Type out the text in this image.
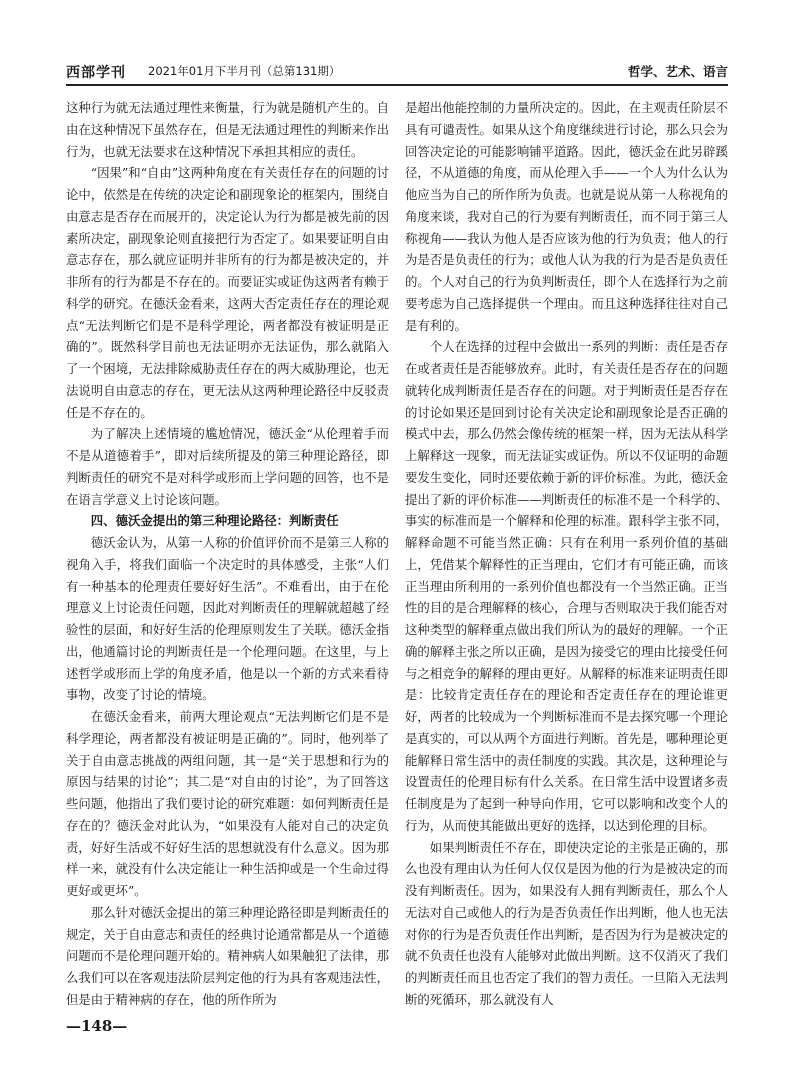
西部学刊 2021年01月下半月刊（总第131期）	哲学、艺术、语言

这种行为就无法通过理性来衡量，行为就是随机产生的。自由在这种情况下虽然存在，但是无法通过理性的判断来作出行为，也就无法要求在这种情况下承担其相应的责任。

“因果”和“自由”这两种角度在有关责任存在的问题的讨论中，依然是在传统的决定论和副现象论的框架内，围绕自由意志是否存在而展开的，决定论认为行为都是被先前的因素所决定，副现象论则直接把行为否定了。如果要证明自由意志存在，那么就应证明并非所有的行为都是被决定的，并非所有的行为都是不存在的。而要证实或证伪这两者有赖于科学的研究。在德沃金看来，这两大否定责任存在的理论观点“无法判断它们是不是科学理论，两者都没有被证明是正确的”。既然科学目前也无法证明亦无法证伪，那么就陷入了一个困境，无法排除威胁责任存在的两大威胁理论，也无法说明自由意志的存在，更无法从这两种理论路径中反驳责任是不存在的。

为了解决上述情境的尴尬情况，德沃金“从伦理着手而不是从道德着手”，即对后续所提及的第三种理论路径，即判断责任的研究不是对科学或形而上学问题的回答，也不是在语言学意义上讨论该问题。

四、德沃金提出的第三种理论路径：判断责任

德沃金认为，从第一人称的价值评价而不是第三人称的视角入手，将我们面临一个决定时的具体感受，主张“人们有一种基本的伦理责任要好好生活”。不难看出，由于在伦理意义上讨论责任问题，因此对判断责任的理解就超越了经验性的层面，和好好生活的伦理原则发生了关联。德沃金指出，他通篇讨论的判断责任是一个伦理问题。在这里，与上述哲学或形而上学的角度矛盾，他是以一个新的方式来看待事物，改变了讨论的情境。

在德沃金看来，前两大理论观点“无法判断它们是不是科学理论，两者都没有被证明是正确的”。同时，他列举了关于自由意志挑战的两组问题，其一是“关于思想和行为的原因与结果的讨论”；其二是“对自由的讨论”，为了回答这些问题，他指出了我们要讨论的研究难题：如何判断责任是存在的？德沃金对此认为，“如果没有人能对自己的决定负责，好好生活或不好好生活的思想就没有什么意义。因为那样一来，就没有什么决定能让一种生活抑或是一个生命过得更好或更坏”。

那么针对德沃金提出的第三种理论路径即是判断责任的规定，关于自由意志和责任的经典讨论通常都是从一个道德问题而不是伦理问题开始的。精神病人如果触犯了法律，那么我们可以在客观违法阶层判定他的行为具有客观违法性，但是由于精神病的存在，他的所作所为

是超出他能控制的力量所决定的。因此，在主观责任阶层不具有可谴责性。如果从这个角度继续进行讨论，那么只会为回答决定论的可能影响铺平道路。因此，德沃金在此另辟蹊径，不从道德的角度，而从伦理入手——一个人为什么认为他应当为自己的所作所为负责。也就是说从第一人称视角的角度来谈，我对自己的行为要有判断责任，而不同于第三人称视角——我认为他人是否应该为他的行为负责；他人的行为是否是负责任的行为；或他人认为我的行为是否是负责任的。个人对自己的行为负判断责任，即个人在选择行为之前要考虑为自己选择提供一个理由。而且这种选择往往对自己是有利的。

个人在选择的过程中会做出一系列的判断：责任是否存在或者责任是否能够放弃。此时，有关责任是否存在的问题就转化成判断责任是否存在的问题。对于判断责任是否存在的讨论如果还是回到讨论有关决定论和副现象论是否正确的模式中去，那么仍然会像传统的框架一样，因为无法从科学上解释这一现象，而无法证实或证伪。所以不仅证明的命题要发生变化，同时还要依赖于新的评价标准。为此，德沃金提出了新的评价标准——判断责任的标准不是一个科学的、事实的标准而是一个解释和伦理的标准。跟科学主张不同，解释命题不可能当然正确：只有在利用一系列价值的基础上，凭借某个解释性的正当理由，它们才有可能正确，而该正当理由所利用的一系列价值也都没有一个当然正确。正当性的目的是合理解释的核心，合理与否则取决于我们能否对这种类型的解释重点做出我们所认为的最好的理解。一个正确的解释主张之所以正确，是因为接受它的理由比接受任何与之相竞争的解释的理由更好。从解释的标准来证明责任即是：比较肯定责任存在的理论和否定责任存在的理论谁更好，两者的比较成为一个判断标准而不是去探究哪一个理论是真实的，可以从两个方面进行判断。首先是，哪种理论更能解释日常生活中的责任制度的实践。其次是，这种理论与设置责任的伦理目标有什么关系。在日常生活中设置诸多责任制度是为了起到一种导向作用，它可以影响和改变个人的行为，从而使其能做出更好的选择，以达到伦理的目标。

如果判断责任不存在，即使决定论的主张是正确的，那么也没有理由认为任何人仅仅是因为他的行为是被决定的而没有判断责任。因为，如果没有人拥有判断责任，那么个人无法对自己或他人的行为是否负责任作出判断，他人也无法对你的行为是否负责任作出判断，是否因为行为是被决定的就不负责任也没有人能够对此做出判断。这不仅消灭了我们的判断责任而且也否定了我们的智力责任。一旦陷入无法判断的死循环，那么就没有人

—148—
